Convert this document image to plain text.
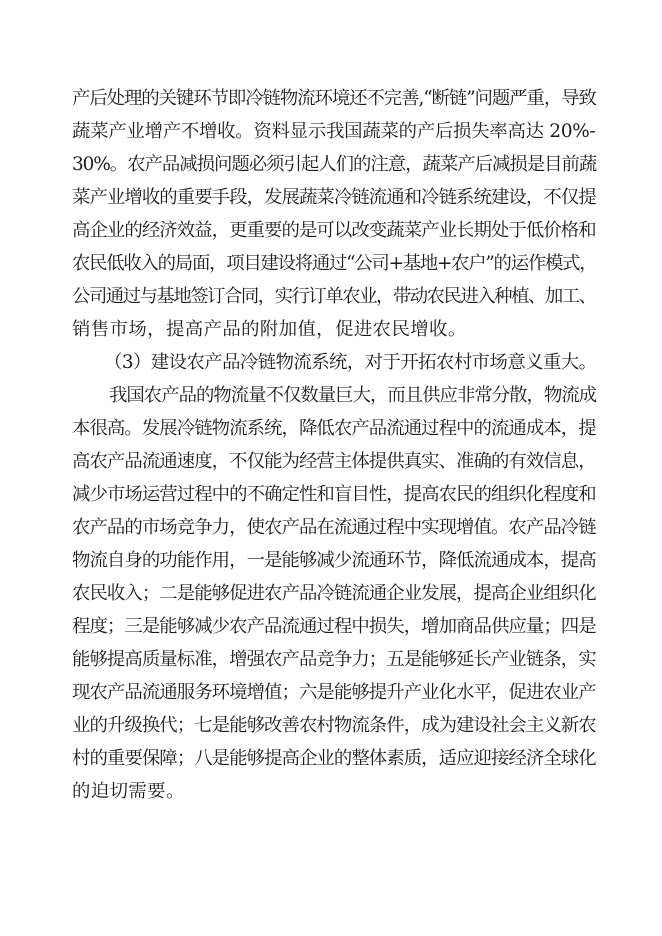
产后处理的关键环节即冷链物流环境还不完善,“断链”问题严重，导致
蔬菜产业增产不增收。资料显示我国蔬菜的产后损失率高达 20%-
30%。农产品减损问题必须引起人们的注意，蔬菜产后减损是目前蔬
菜产业增收的重要手段，发展蔬菜冷链流通和冷链系统建设，不仅提
高企业的经济效益，更重要的是可以改变蔬菜产业长期处于低价格和
农民低收入的局面，项目建设将通过“公司+基地+农户”的运作模式，
公司通过与基地签订合同，实行订单农业，带动农民进入种植、加工、
销售市场，提高产品的附加值，促进农民增收。
（3）建设农产品冷链物流系统，对于开拓农村市场意义重大。
我国农产品的物流量不仅数量巨大，而且供应非常分散，物流成
本很高。发展冷链物流系统，降低农产品流通过程中的流通成本，提
高农产品流通速度，不仅能为经营主体提供真实、准确的有效信息，
减少市场运营过程中的不确定性和盲目性，提高农民的组织化程度和
农产品的市场竞争力，使农产品在流通过程中实现增值。农产品冷链
物流自身的功能作用，一是能够减少流通环节，降低流通成本，提高
农民收入；二是能够促进农产品冷链流通企业发展，提高企业组织化
程度；三是能够减少农产品流通过程中损失，增加商品供应量；四是
能够提高质量标准，增强农产品竞争力；五是能够延长产业链条，实
现农产品流通服务环境增值；六是能够提升产业化水平，促进农业产
业的升级换代；七是能够改善农村物流条件，成为建设社会主义新农
村的重要保障；八是能够提高企业的整体素质，适应迎接经济全球化
的迫切需要。
